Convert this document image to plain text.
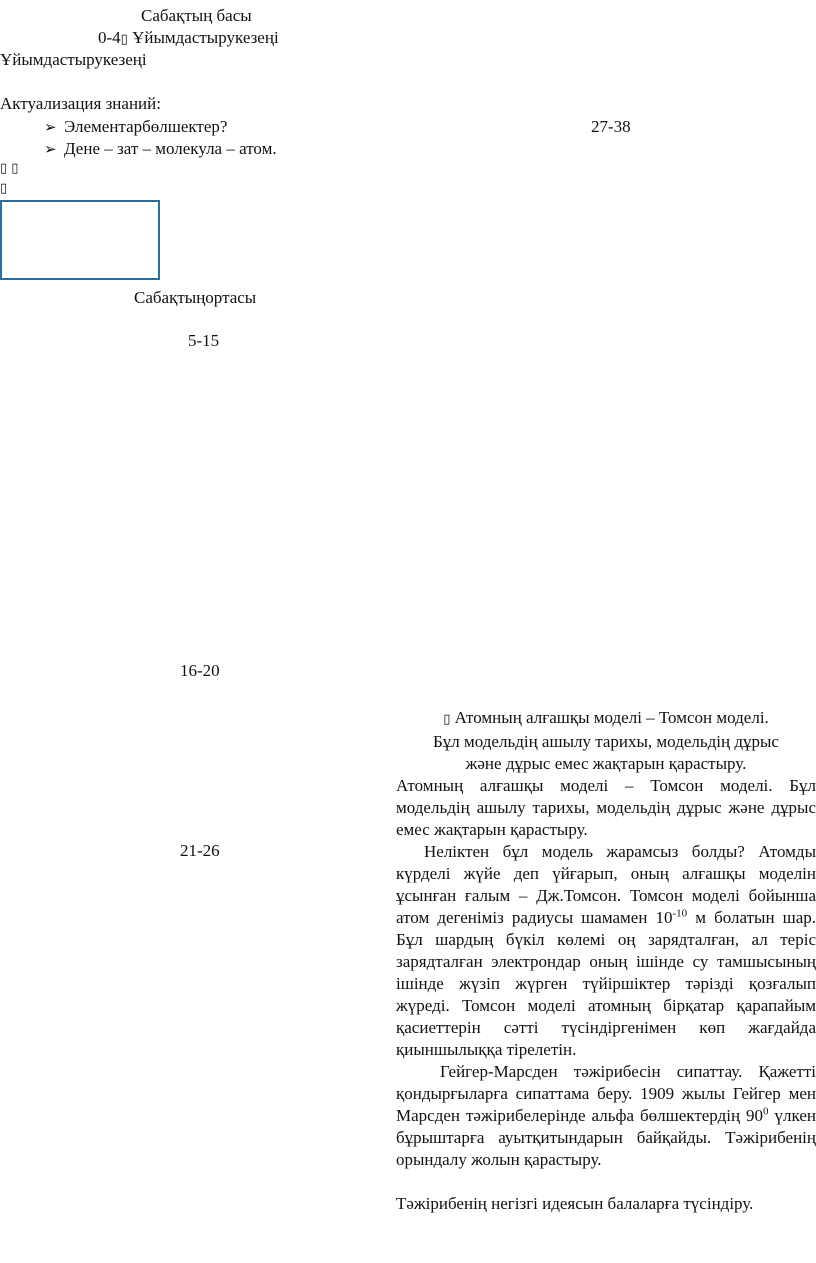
Сабақтың басы
0-4▯ Ұйымдастырукезеңі
Ұйымдастырукезеңі
Актуализация знаний:
➢ Элементарбөлшектер?
➢ Дене – зат – молекула – атом.
27-38
▯ ▯
▯
Сабақтыңортасы
5-15
16-20
21-26
▯ Атомның алғашқы моделі – Томсон моделі.
Бұл модельдің ашылу тарихы, модельдің дұрыс
және дұрыс емес жақтарын қарастыру.

Атомның алғашқы моделі – Томсон моделі. Бұл модельдің ашылу тарихы, модельдің дұрыс және дұрыс емес жақтарын қарастыру.

Неліктен бұл модель жарамсыз болды? Атомды күрделі жүйе деп үйғарып, оның алғашқы моделін ұсынған ғалым – Дж.Томсон. Томсон моделі бойынша атом дегеніміз радиусы шамамен $10^{-10}$ м болатын шар. Бұл шардың бүкіл көлемі оң зарядталған, ал теріс зарядталған электрондар оның ішінде су тамшысының ішінде жүзіп жүрген түйіршіктер тәрізді қозғалып жүреді. Томсон моделі атомның бірқатар қарапайым қасиеттерін сәтті түсіндіргенімен көп жағдайда қиыншылыққа тірелетін.

Гейгер-Марсден тәжірибесін сипаттау. Қажетті қондырғыларға сипаттама беру. 1909 жылы Гейгер мен Марсден тәжірибелерінде альфа бөлшектердің $90^0$ үлкен бұрыштарға ауытқитындарын байқайды. Тәжірибенің орындалу жолын қарастыру.

Тәжірибенің негізгі идеясын балаларға түсіндіру.
